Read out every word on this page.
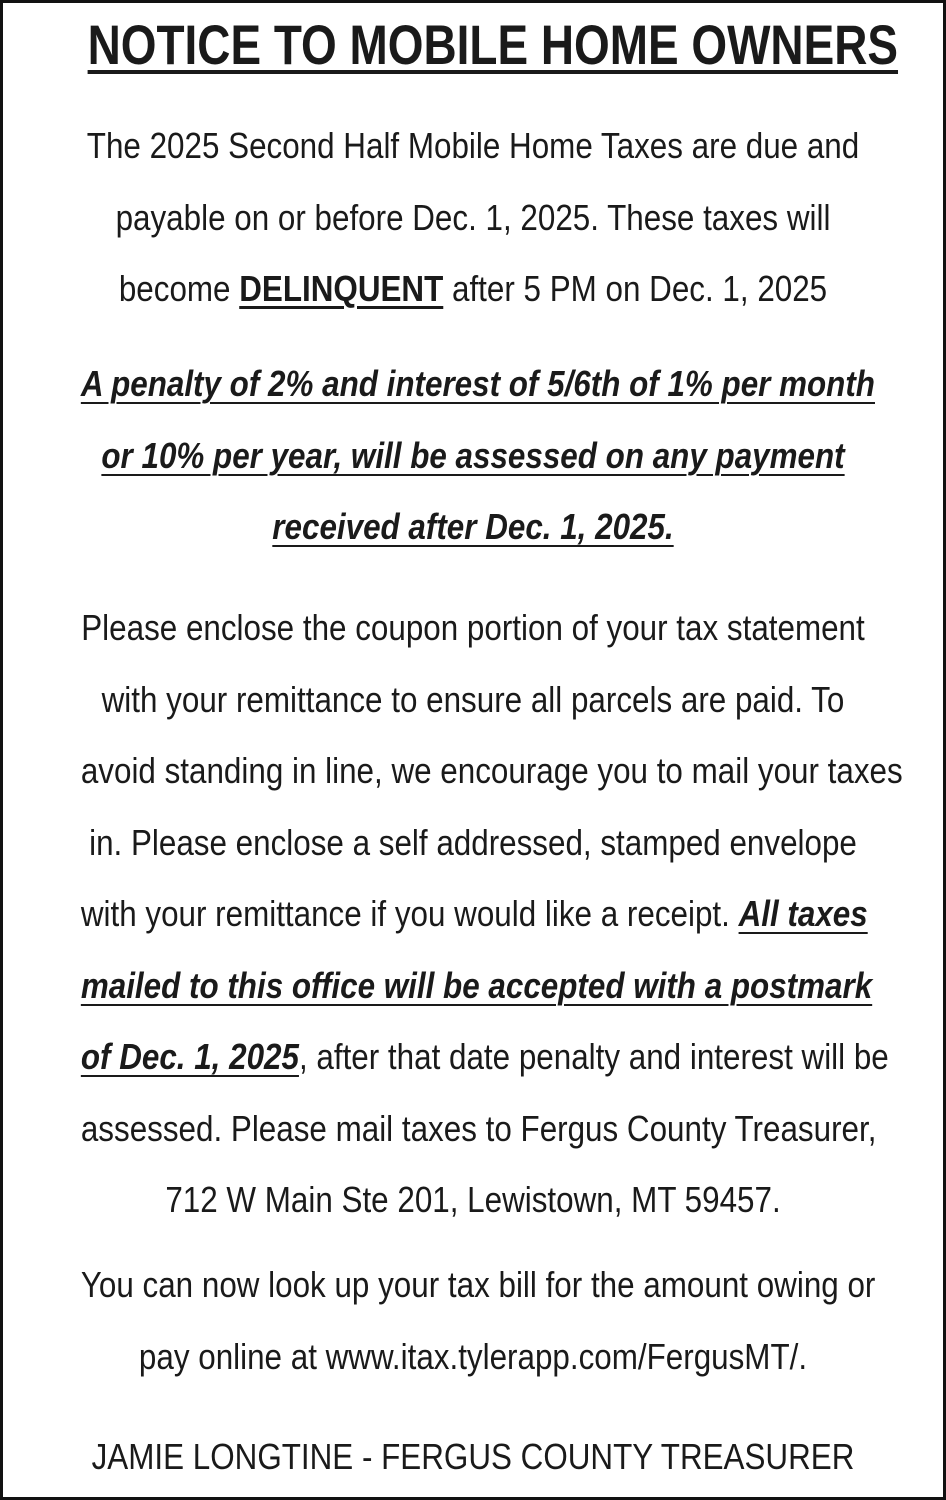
NOTICE TO MOBILE HOME OWNERS
The 2025 Second Half Mobile Home Taxes are due and
payable on or before Dec. 1, 2025. These taxes will
become DELINQUENT after 5 PM on Dec. 1, 2025
A penalty of 2% and interest of 5/6th of 1% per month
or 10% per year, will be assessed on any payment
received after Dec. 1, 2025.
Please enclose the coupon portion of your tax statement
with your remittance to ensure all parcels are paid. To
avoid standing in line, we encourage you to mail your taxes
in. Please enclose a self addressed, stamped envelope
with your remittance if you would like a receipt. All taxes
mailed to this office will be accepted with a postmark
of Dec. 1, 2025, after that date penalty and interest will be
assessed. Please mail taxes to Fergus County Treasurer,
712 W Main Ste 201, Lewistown, MT 59457.
You can now look up your tax bill for the amount owing or
pay online at www.itax.tylerapp.com/FergusMT/.
JAMIE LONGTINE - FERGUS COUNTY TREASURER
